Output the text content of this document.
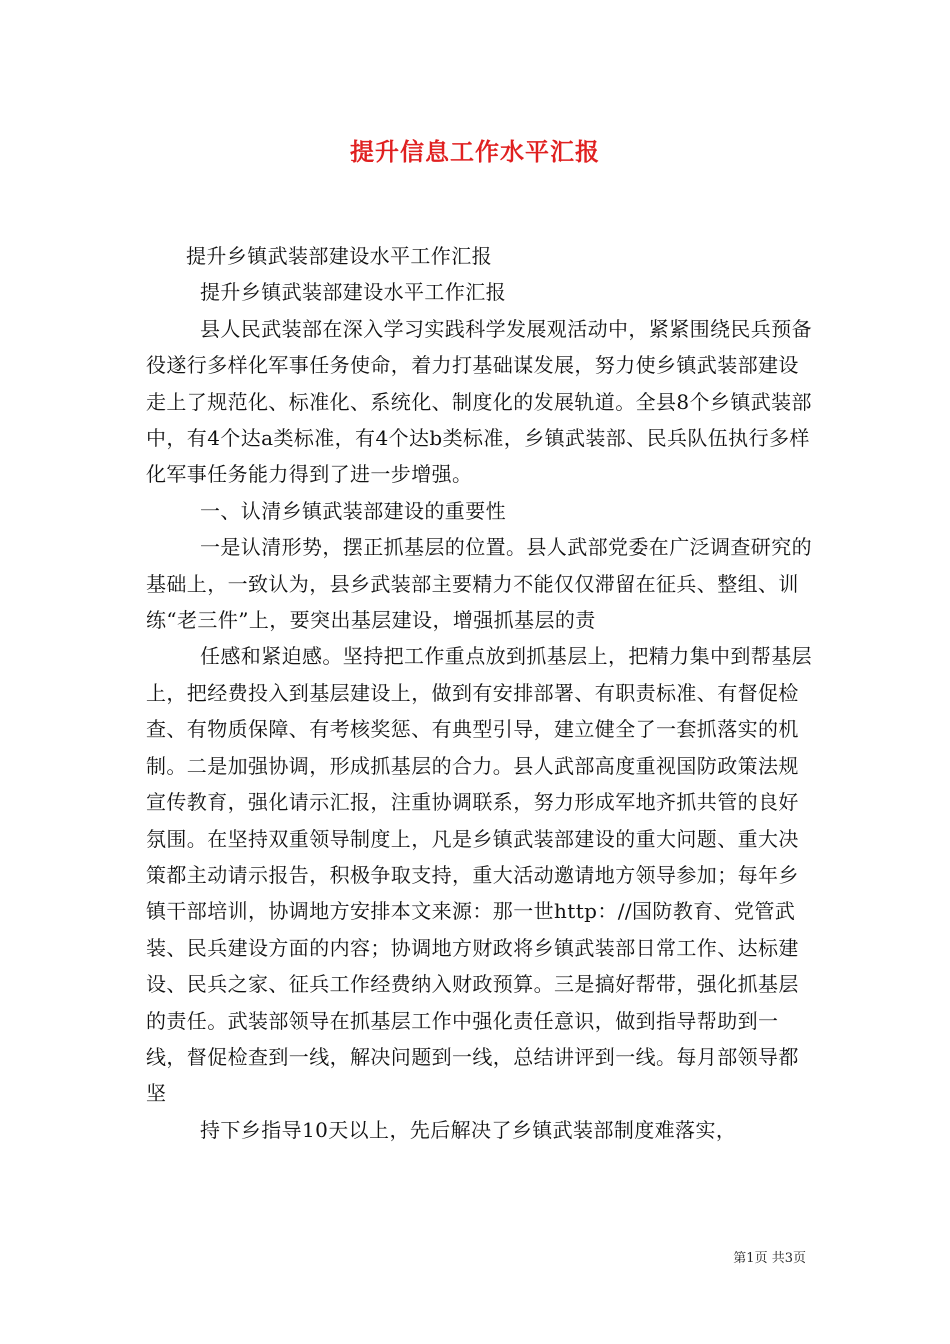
提升信息工作水平汇报

提升乡镇武装部建设水平工作汇报

提升乡镇武装部建设水平工作汇报

县人民武装部在深入学习实践科学发展观活动中，紧紧围绕民兵预备役遂行多样化军事任务使命，着力打基础谋发展，努力使乡镇武装部建设走上了规范化、标准化、系统化、制度化的发展轨道。全县8个乡镇武装部中，有4个达a类标准，有4个达b类标准，乡镇武装部、民兵队伍执行多样化军事任务能力得到了进一步增强。

一、认清乡镇武装部建设的重要性

一是认清形势，摆正抓基层的位置。县人武部党委在广泛调查研究的基础上，一致认为，县乡武装部主要精力不能仅仅滞留在征兵、整组、训练“老三件”上，要突出基层建设，增强抓基层的责

任感和紧迫感。坚持把工作重点放到抓基层上，把精力集中到帮基层上，把经费投入到基层建设上，做到有安排部署、有职责标准、有督促检查、有物质保障、有考核奖惩、有典型引导，建立健全了一套抓落实的机制。二是加强协调，形成抓基层的合力。县人武部高度重视国防政策法规宣传教育，强化请示汇报，注重协调联系，努力形成军地齐抓共管的良好氛围。在坚持双重领导制度上，凡是乡镇武装部建设的重大问题、重大决策都主动请示报告，积极争取支持，重大活动邀请地方领导参加；每年乡镇干部培训，协调地方安排本文来源：那一世http：//国防教育、党管武装、民兵建设方面的内容；协调地方财政将乡镇武装部日常工作、达标建设、民兵之家、征兵工作经费纳入财政预算。三是搞好帮带，强化抓基层的责任。武装部领导在抓基层工作中强化责任意识，做到指导帮助到一线，督促检查到一线，解决问题到一线，总结讲评到一线。每月部领导都坚

持下乡指导10天以上，先后解决了乡镇武装部制度难落实，

第1页 共3页
